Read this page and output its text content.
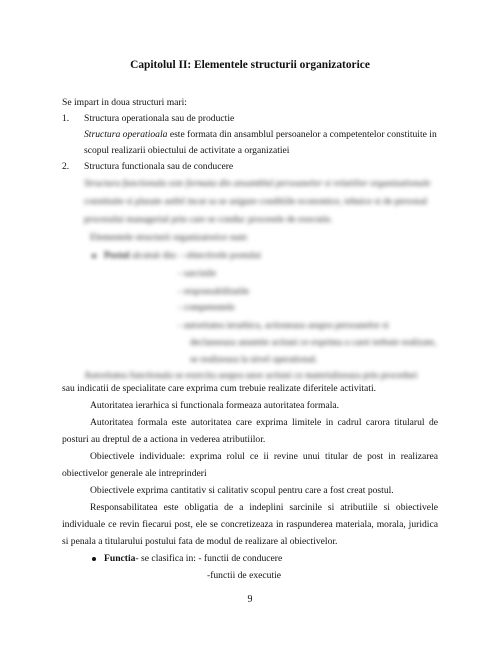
Capitolul II: Elementele structurii organizatorice
Se impart in doua structuri mari:
1. Structura operationala sau de productie
Structura operatioala este formata din ansamblul persoanelor a competentelor constituite in
scopul realizarii obiectului de activitate a organizatiei
2. Structura functionala sau de conducere
Structura functionala este formata din ansamblul persoanelor si relatiilor organizationale
constituite si plasate astfel incat sa se asigure conditiile economice, tehnice si de personal
procesului managerial prin care se conduc procesele de executie.
Elementele structurii organizatorice sunt:
Postul alcatuit din: - obiectivele postului
- sarcinile
- responsabilitatile
- competentele
- autoritatea ierarhica, actioneaza asupra persoanelor si
declanseaza anumite actiuni ce exprima a carei trebuie realizate,
se realizeaza la nivel operational.
Autoritatea functionala se exercita asupra unor actiuni ce materializeaza prin proceduri
sau indicatii de specialitate care exprima cum trebuie realizate diferitele activitati.
Autoritatea ierarhica si functionala formeaza autoritatea formala.
Autoritatea formala este autoritatea care exprima limitele in cadrul carora titularul de
posturi au dreptul de a actiona in vederea atributiilor.
Obiectivele individuale: exprima rolul ce ii revine unui titular de post in realizarea
obiectivelor generale ale intreprinderi
Obiectivele exprima cantitativ si calitativ scopul pentru care a fost creat postul.
Responsabilitatea este obligatia de a indeplini sarcinile si atributiile si obiectivele
individuale ce revin fiecarui post, ele se concretizeaza in raspunderea materiala, morala, juridica
si penala a titularului postului fata de modul de realizare al obiectivelor.
Functia- se clasifica in: - functii de conducere
-functii de executie
9
